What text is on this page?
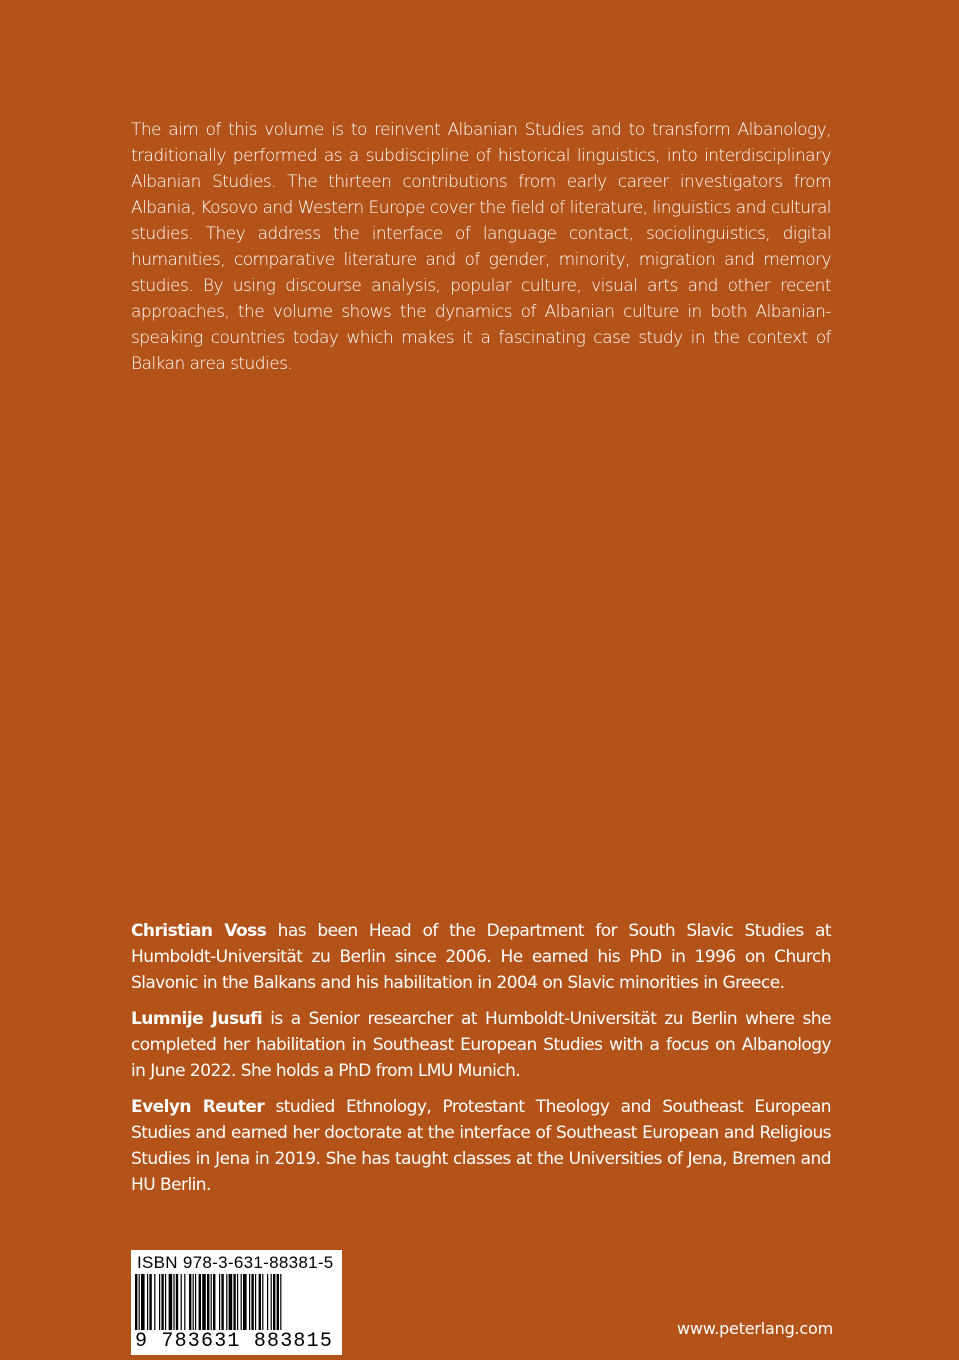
The aim of this volume is to reinvent Albanian Studies and to transform Albanology, traditionally performed as a subdiscipline of historical linguistics, into interdisciplinary Albanian Studies. The thirteen contributions from early career investigators from Albania, Kosovo and Western Europe cover the field of literature, linguistics and cultural studies. They address the interface of language contact, sociolinguistics, digital humanities, comparative literature and of gender, minority, migration and memory studies. By using discourse analysis, popular culture, visual arts and other recent approaches, the volume shows the dynamics of Albanian culture in both Albanian-speaking countries today which makes it a fascinating case study in the context of Balkan area studies.

Christian Voss has been Head of the Department for South Slavic Studies at Humboldt-Universität zu Berlin since 2006. He earned his PhD in 1996 on Church Slavonic in the Balkans and his habilitation in 2004 on Slavic minorities in Greece.

Lumnije Jusufi is a Senior researcher at Humboldt-Universität zu Berlin where she completed her habilitation in Southeast European Studies with a focus on Albanology in June 2022. She holds a PhD from LMU Munich.

Evelyn Reuter studied Ethnology, Protestant Theology and Southeast European Studies and earned her doctorate at the interface of Southeast European and Religious Studies in Jena in 2019. She has taught classes at the Universities of Jena, Bremen and HU Berlin.

ISBN 978-3-631-88381-5
9 783631 883815
www.peterlang.com
